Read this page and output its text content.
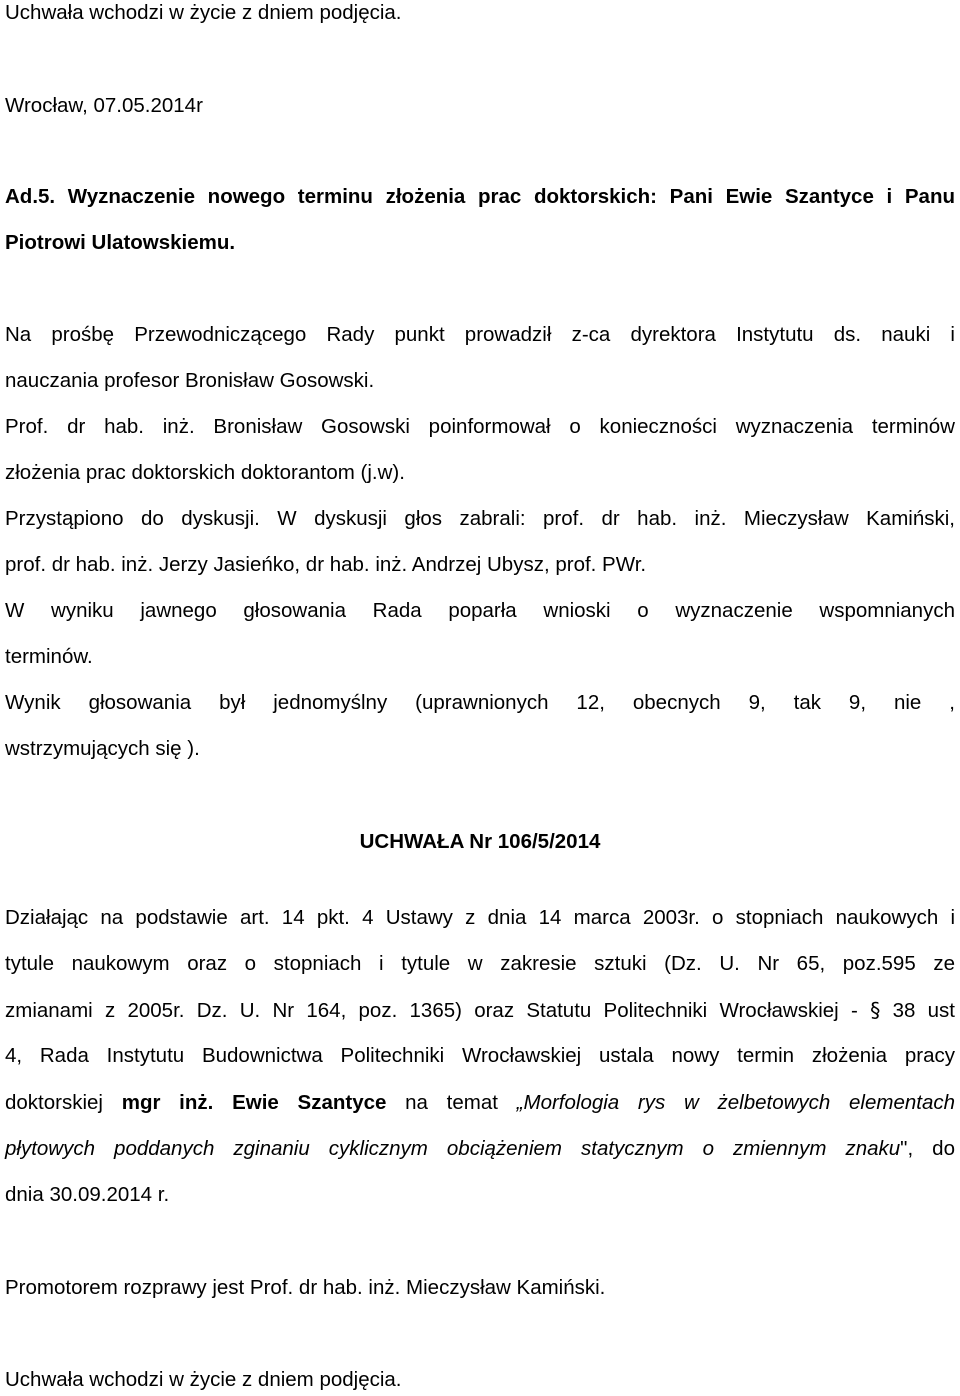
Uchwała wchodzi w życie z dniem podjęcia.
Wrocław, 07.05.2014r
Ad.5. Wyznaczenie nowego terminu złożenia prac doktorskich: Pani Ewie Szantyce i Panu
Piotrowi Ulatowskiemu.
Na prośbę Przewodniczącego Rady punkt prowadził z-ca dyrektora Instytutu ds. nauki i
nauczania profesor Bronisław Gosowski.
Prof. dr hab. inż. Bronisław Gosowski poinformował o konieczności wyznaczenia terminów
złożenia prac doktorskich doktorantom (j.w).
Przystąpiono do dyskusji. W dyskusji głos zabrali: prof. dr hab. inż. Mieczysław Kamiński,
prof. dr hab. inż. Jerzy Jasieńko, dr hab. inż. Andrzej Ubysz, prof. PWr.
W wyniku jawnego głosowania Rada poparła wnioski o wyznaczenie wspomnianych
terminów.
Wynik głosowania był jednomyślny (uprawnionych 12, obecnych 9, tak 9, nie ,
wstrzymujących się ).
UCHWAŁA Nr 106/5/2014
Działając na podstawie art. 14 pkt. 4 Ustawy z dnia 14 marca 2003r. o stopniach naukowych i
tytule naukowym oraz o stopniach i tytule w zakresie sztuki (Dz. U. Nr 65, poz.595 ze
zmianami z 2005r. Dz. U. Nr 164, poz. 1365) oraz Statutu Politechniki Wrocławskiej - § 38 ust
4, Rada Instytutu Budownictwa Politechniki Wrocławskiej ustala nowy termin złożenia pracy
doktorskiej mgr inż. Ewie Szantyce na temat „Morfologia rys w żelbetowych elementach
płytowych poddanych zginaniu cyklicznym obciążeniem statycznym o zmiennym znaku", do
dnia 30.09.2014 r.
Promotorem rozprawy jest Prof. dr hab. inż. Mieczysław Kamiński.
Uchwała wchodzi w życie z dniem podjęcia.
